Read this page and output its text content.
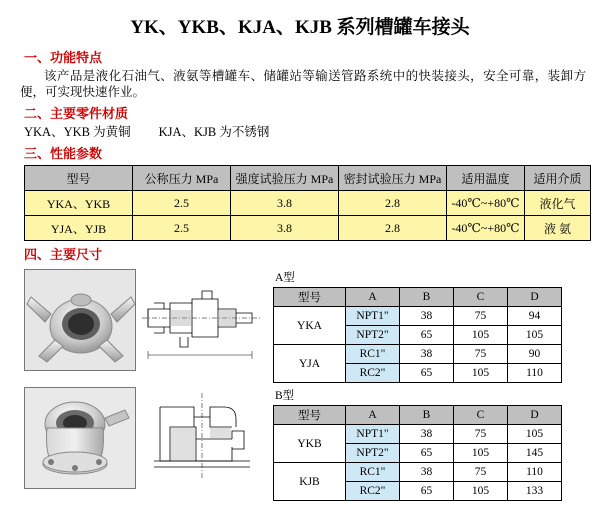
YK、YKB、KJA、KJB 系列槽罐车接头
一、功能特点
该产品是液化石油气、液氨等槽罐车、储罐站等输送管路系统中的快装接头，安全可靠，装卸方便，可实现快速作业。
二、主要零件材质
YKA、YKB 为黄铜 KJA、KJB 为不锈钢
三、性能参数
型号	公称压力 MPa	强度试验压力 MPa	密封试验压力 MPa	适用温度	适用介质
YKA、YKB	2.5	3.8	2.8	-40℃~+80℃	液化气
YJA、YJB	2.5	3.8	2.8	-40℃~+80℃	液 氨
四、主要尺寸
A型
型号	A	B	C	D
YKA	NPT1"	38	75	94
	NPT2"	65	105	105
YJA	RC1"	38	75	90
	RC2"	65	105	110
B型
型号	A	B	C	D
YKB	NPT1"	38	75	105
	NPT2"	65	105	145
KJB	RC1"	38	75	110
	RC2"	65	105	133
